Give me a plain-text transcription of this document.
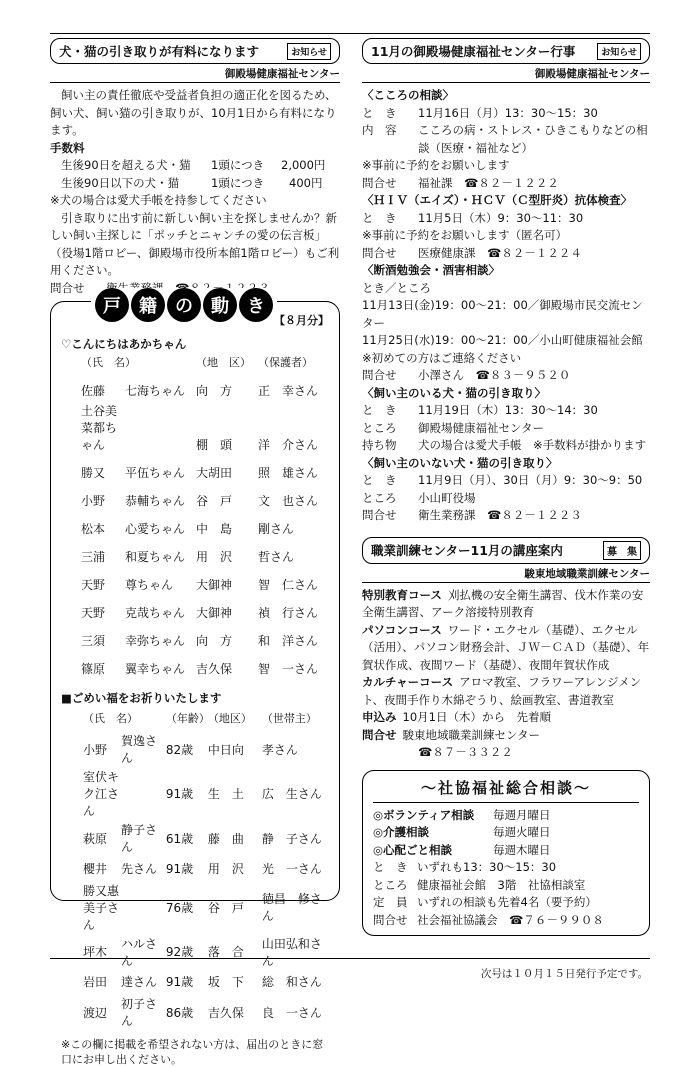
犬・猫の引き取りが有料になります	お知らせ
御殿場健康福祉センター
飼い主の責任徹底や受益者負担の適正化を図るため、飼い犬、飼い猫の引き取りが、10月1日から有料になります。
手数料
生後90日を超える犬・猫	1頭につき	2,000円
生後90日以下の犬・猫	1頭につき	400円
※犬の場合は愛犬手帳を持参してください
引き取りに出す前に新しい飼い主を探しませんか？新しい飼い主探しに「ポッチとニャンチの愛の伝言板」（役場1階ロビー、御殿場市役所本館1階ロビー）もご利用ください。
問合せ
戸	籍	の	動	き
【８月分】
♡こんにちはあかちゃん
（氏　名）		（地　区）	（保護者）
佐藤	七海ちゃん	向　方	正　幸さん
土谷美菜都ちゃん		棚　頭	洋　介さん
勝又	平伍ちゃん	大胡田	照　雄さん
小野	恭輔ちゃん	谷　戸	文　也さん
松本	心愛ちゃん	中　島	剛さん
三浦	和夏ちゃん	用　沢	哲さん
天野	尊ちゃん	大御神	智　仁さん
天野	克哉ちゃん	大御神	禎　行さん
三須	幸弥ちゃん	向　方	和　洋さん
篠原	翼幸ちゃん	吉久保	智　一さん
■ごめい福をお祈りいたします
（氏　名）		（年齢）	（地区）	（世帯主）
小野	賀逸さん	82歳	中日向	孝さん
室伏キク江さん		91歳	生　土	広　生さん
萩原	静子さん	61歳	藤　曲	静　子さん
櫻井	先さん	91歳	用　沢	光　一さん
勝又惠美子さん		76歳	谷　戸	徳昌　修さん
坪木	ハルさん	92歳	落　合	山田弘和さん
岩田	達さん	91歳	坂　下	総　和さん
渡辺	初子さん	86歳	吉久保	良　一さん
※この欄に掲載を希望されない方は、届出のときに窓口にお申し出ください。
11月の御殿場健康福祉センター行事	お知らせ
御殿場健康福祉センター
〈こころの相談〉
と　き	11月16日（月）13：30～15：30
内　容	こころの病・ストレス・ひきこもりなどの相談（医療・福祉など）
※事前に予約をお願いします
問合せ	福祉課　☎８２－１２２２
〈ＨＩＶ（エイズ）・ＨＣＶ（Ｃ型肝炎）抗体検査〉
と　き	11月5日（木）9：30～11：30
※事前に予約をお願いします（匿名可）
問合せ	医療健康課　☎８２－１２２４
〈断酒勉強会・酒害相談〉
とき／ところ
11月13日(金)19：00～21：00／御殿場市民交流センター
11月25日(水)19：00～21：00／小山町健康福祉会館
※初めての方はご連絡ください
問合せ	小澤さん　☎８３－９５２０
〈飼い主のいる犬・猫の引き取り〉
と　き	11月19日（木）13：30～14：30
ところ	御殿場健康福祉センター
持ち物	犬の場合は愛犬手帳　※手数料が掛かります
〈飼い主のいない犬・猫の引き取り〉
と　き	11月9日（月）、30日（月）9：30～9：50
ところ	小山町役場
問合せ	衛生業務課　☎８２－１２２３
職業訓練センター11月の講座案内	募　集
駿東地域職業訓練センター
特別教育コース 刈払機の安全衛生講習、伐木作業の安全衛生講習、アーク溶接特別教育
パソコンコース ワード・エクセル（基礎）、エクセル（活用）、パソコン財務会計、ＪＷ－ＣＡＤ（基礎）、年賀状作成、夜間ワード（基礎）、夜間年賀状作成
カルチャーコース アロマ教室、フラワーアレンジメント、夜間手作り木綿ぞうり、絵画教室、書道教室
申込み 10月1日（木）から　先着順
問合せ 駿東地域職業訓練センター
☎８７－３３２２
～社協福祉総合相談～
◎ボランティア相談	毎週月曜日
◎介護相談	毎週火曜日
◎心配ごと相談	毎週木曜日
と　き いずれも13：30～15：30
ところ 健康福祉会館　3階　社協相談室
定　員 いずれの相談も先着4名（要予約）
問合せ 社会福祉協議会　☎７６－９９０８
次号は１０月１５日発行予定です。
